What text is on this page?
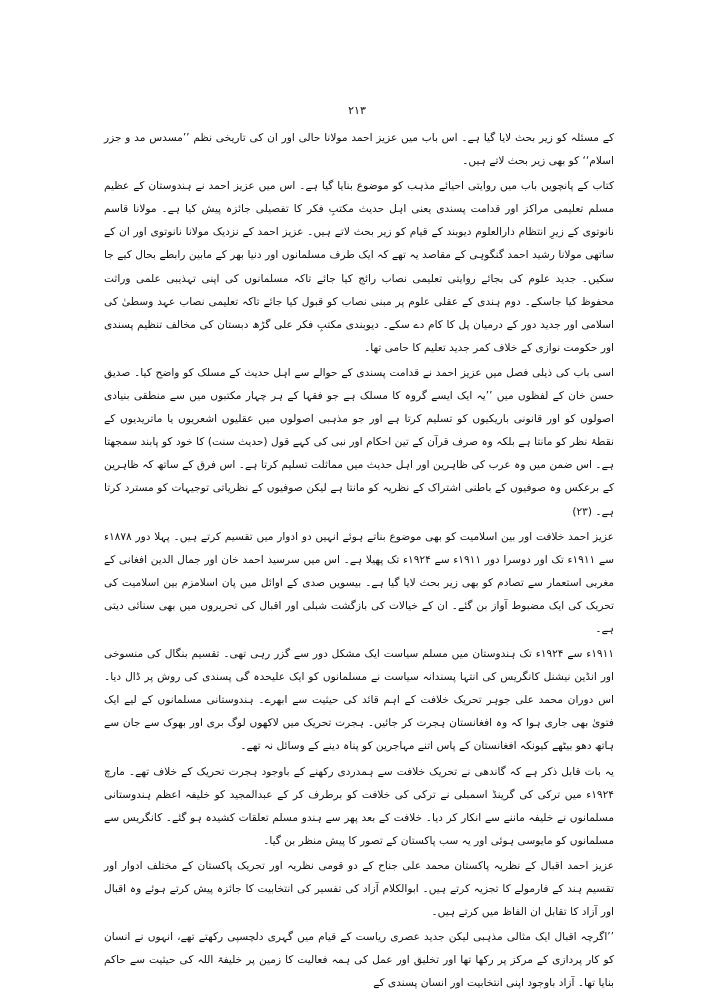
۲۱۳

کے مسئلہ کو زیر بحث لایا گیا ہے۔ اس باب میں عزیز احمد مولانا حالی اور ان کی تاریخی نظم ’’مسدس مد و جزر اسلام‘‘ کو بھی زیر بحث لاتے ہیں۔

کتاب کے پانچویں باب میں روایتی احیائے مذہب کو موضوع بنایا گیا ہے۔ اس میں عزیز احمد نے ہندوستان کے عظیم مسلم تعلیمی مراکز اور قدامت پسندی یعنی اہل حدیث مکتبِ فکر کا تفصیلی جائزہ پیش کیا ہے۔ مولانا قاسم نانوتوی کے زیرِ انتظام دارالعلوم دیوبند کے قیام کو زیر بحث لاتے ہیں۔ عزیز احمد کے نزدیک مولانا نانوتوی اور ان کے ساتھی مولانا رشید احمد گنگوہی کے مقاصد یہ تھے کہ ایک طرف مسلمانوں اور دنیا بھر کے مابین رابطے بحال کیے جا سکیں۔ جدید علوم کی بجائے روایتی تعلیمی نصاب رائج کیا جائے تاکہ مسلمانوں کی اپنی تہذیبی علمی وراثت محفوظ کیا جاسکے۔ دوم ہندی کے عقلی علوم پر مبنی نصاب کو قبول کیا جائے تاکہ تعلیمی نصاب عہد وسطیٰ کی اسلامی اور جدید دور کے درمیان پل کا کام دے سکے۔ دیوبندی مکتبِ فکر علی گڑھ دبستان کی مخالف تنظیم پسندی اور حکومت نوازی کے خلاف کمر جدید تعلیم کا حامی تھا۔

اسی باب کی ذیلی فصل میں عزیز احمد نے قدامت پسندی کے حوالے سے اہل حدیث کے مسلک کو واضح کیا۔ صدیق حسن خان کے لفظوں میں ’’یہ ایک ایسے گروہ کا مسلک ہے جو فقہا کے ہر چہار مکتبوں میں سے منطقی بنیادی اصولوں کو اور قانونی باریکیوں کو تسلیم کرتا ہے اور جو مذہبی اصولوں میں عقلیوں اشعریوں یا ماتریدیوں کے نقطۂ نظر کو مانتا ہے بلکہ وہ صرف قرآن کے تین احکام اور نبی کی کہے قول (حدیث سنت) کا خود کو پابند سمجھتا ہے۔ اس ضمن میں وہ عرب کی ظاہرین اور اہل حدیث میں مماثلت تسلیم کرتا ہے۔ اس فرق کے ساتھ کہ ظاہرین کے برعکس وہ صوفیوں کے باطنی اشتراک کے نظریہ کو مانتا ہے لیکن صوفیوں کے نظریاتی توجیہات کو مسترد کرتا ہے۔ (۲۳)

عزیز احمد خلافت اور بین اسلامیت کو بھی موضوع بناتے ہوئے انہیں دو ادوار میں تقسیم کرتے ہیں۔ پہلا دور ۱۸۷۸ء سے ۱۹۱۱ء تک اور دوسرا دور ۱۹۱۱ء سے ۱۹۲۴ء تک پھیلا ہے۔ اس میں سرسید احمد خان اور جمال الدین افغانی کے مغربی استعمار سے تصادم کو بھی زیر بحث لایا گیا ہے۔ بیسویں صدی کے اوائل میں پان اسلامزم بین اسلامیت کی تحریک کی ایک مضبوط آواز بن گئے۔ ان کے خیالات کی بازگشت شبلی اور اقبال کی تحریروں میں بھی سنائی دیتی ہے۔

۱۹۱۱ء سے ۱۹۲۴ء تک ہندوستان میں مسلم سیاست ایک مشکل دور سے گزر رہی تھی۔ تقسیم بنگال کی منسوخی اور انڈین نیشنل کانگریس کی انتہا پسندانہ سیاست نے مسلمانوں کو ایک علیحدہ گی پسندی کی روش پر ڈال دیا۔ اس دوران محمد علی جوہر تحریک خلافت کے اہم قائد کی حیثیت سے ابھرے۔ ہندوستانی مسلمانوں کے لیے ایک فتویٰ بھی جاری ہوا کہ وہ افغانستان ہجرت کر جائیں۔ ہجرت تحریک میں لاکھوں لوگ بری اور بھوک سے جان سے ہاتھ دھو بیٹھے کیونکہ افغانستان کے پاس اتنے مہاجرین کو پناہ دینے کے وسائل نہ تھے۔

یہ بات قابل ذکر ہے کہ گاندھی نے تحریک خلافت سے ہمدردی رکھنے کے باوجود ہجرت تحریک کے خلاف تھے۔ مارچ ۱۹۲۴ء میں ترکی کی گرینڈ اسمبلی نے ترکی کی خلافت کو برطرف کر کے عبدالمجید کو خلیفہ اعظم ہندوستانی مسلمانوں نے خلیفہ ماننے سے انکار کر دیا۔ خلافت کے بعد پھر سے ہندو مسلم تعلقات کشیدہ ہو گئے۔ کانگریس سے مسلمانوں کو مایوسی ہوئی اور یہ سب پاکستان کے تصور کا پیش منظر بن گیا۔

عزیز احمد اقبال کے نظریہ پاکستان محمد علی جناح کے دو قومی نظریہ اور تحریک پاکستان کے مختلف ادوار اور تقسیم ہند کے فارمولے کا تجزیہ کرتے ہیں۔ ابوالکلام آزاد کی تفسیر کی انتخابیت کا جائزہ پیش کرتے ہوئے وہ اقبال اور آزاد کا تقابل ان الفاظ میں کرتے ہیں۔

’’اگرچہ اقبال ایک مثالی مذہبی لیکن جدید عصری ریاست کے قیام میں گہری دلچسپی رکھتے تھے، انہوں نے انسان کو کار پردازی کے مرکز پر رکھا تھا اور تخلیق اور عمل کی ہمہ فعالیت کا زمین پر خلیفۃ اللہ کی حیثیت سے حاکم بنایا تھا۔ آزاد باوجود اپنی انتخابیت اور انسان پسندی کے
